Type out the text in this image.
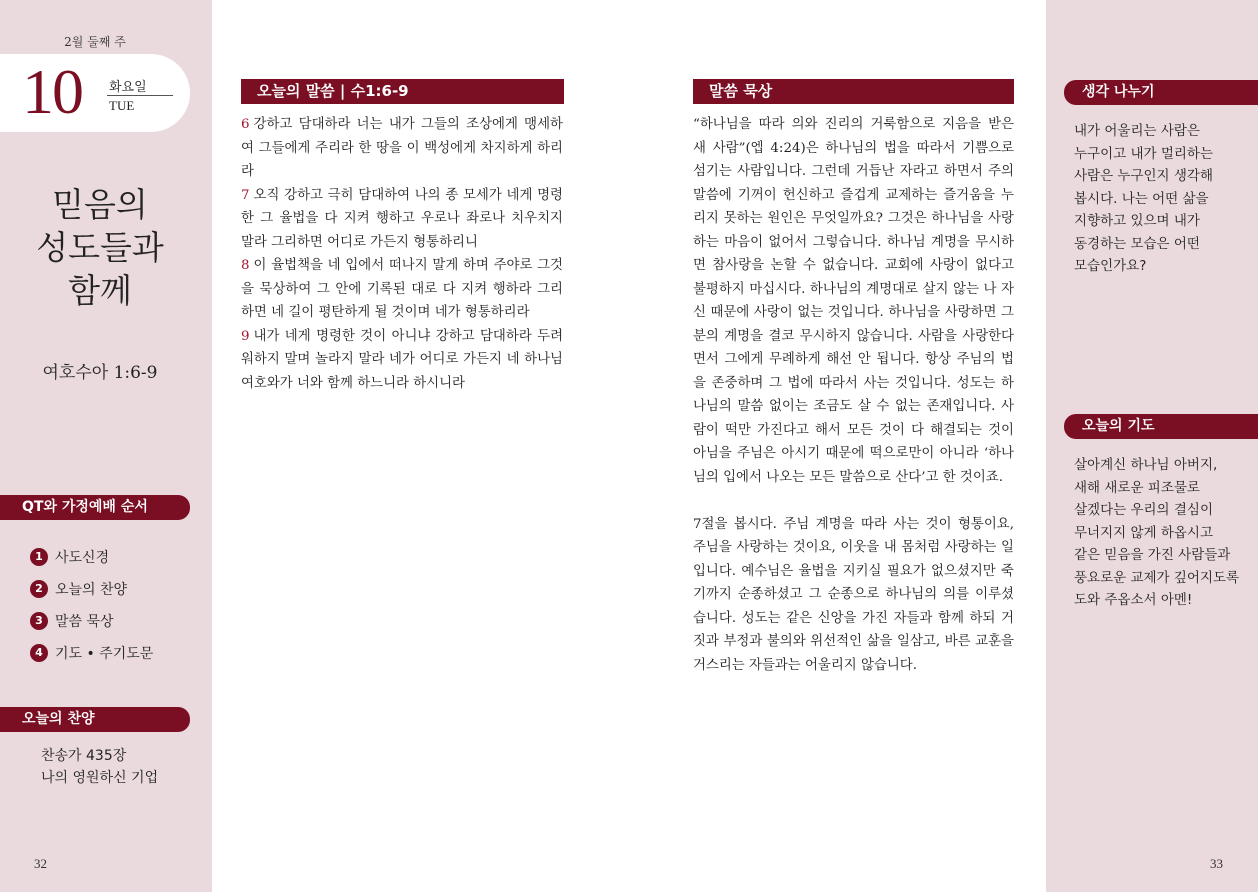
2월 둘째 주
10 화요일
TUE
믿음의
성도들과
함께
여호수아 1:6-9
QT와 가정예배 순서
1 사도신경
2 오늘의 찬양
3 말씀 묵상
4 기도 • 주기도문
오늘의 찬양
찬송가 435장
나의 영원하신 기업
32
오늘의 말씀 | 수1:6-9

6 강하고 담대하라 너는 내가 그들의 조상에게 맹세하여 그들에게 주리라 한 땅을 이 백성에게 차지하게 하리라

7 오직 강하고 극히 담대하여 나의 종 모세가 네게 명령한 그 율법을 다 지켜 행하고 우로나 좌로나 치우치지 말라 그리하면 어디로 가든지 형통하리니

8 이 율법책을 네 입에서 떠나지 말게 하며 주야로 그것을 묵상하여 그 안에 기록된 대로 다 지켜 행하라 그리하면 네 길이 평탄하게 될 것이며 네가 형통하리라

9 내가 네게 명령한 것이 아니냐 강하고 담대하라 두려워하지 말며 놀라지 말라 네가 어디로 가든지 네 하나님 여호와가 너와 함께 하느니라 하시니라

말씀 묵상

“하나님을 따라 의와 진리의 거룩함으로 지음을 받은 새 사람”(엡 4:24)은 하나님의 법을 따라서 기쁨으로 섬기는 사람입니다. 그런데 거듭난 자라고 하면서 주의 말씀에 기꺼이 헌신하고 즐겁게 교제하는 즐거움을 누리지 못하는 원인은 무엇일까요? 그것은 하나님을 사랑하는 마음이 없어서 그렇습니다. 하나님 계명을 무시하면 참사랑을 논할 수 없습니다. 교회에 사랑이 없다고 불평하지 마십시다. 하나님의 계명대로 살지 않는 나 자신 때문에 사랑이 없는 것입니다. 하나님을 사랑하면 그분의 계명을 결코 무시하지 않습니다. 사람을 사랑한다면서 그에게 무례하게 해선 안 됩니다. 항상 주님의 법을 존중하며 그 법에 따라서 사는 것입니다. 성도는 하나님의 말씀 없이는 조금도 살 수 없는 존재입니다. 사람이 떡만 가진다고 해서 모든 것이 다 해결되는 것이 아님을 주님은 아시기 때문에 떡으로만이 아니라 ‘하나님의 입에서 나오는 모든 말씀으로 산다’고 한 것이죠.

7절을 봅시다. 주님 계명을 따라 사는 것이 형통이요, 주님을 사랑하는 것이요, 이웃을 내 몸처럼 사랑하는 일입니다. 예수님은 율법을 지키실 필요가 없으셨지만 죽기까지 순종하셨고 그 순종으로 하나님의 의를 이루셨습니다. 성도는 같은 신앙을 가진 자들과 함께 하되 거짓과 부정과 불의와 위선적인 삶을 일삼고, 바른 교훈을 거스리는 자들과는 어울리지 않습니다.

생각 나누기
내가 어울리는 사람은
누구이고 내가 멀리하는
사람은 누구인지 생각해
봅시다. 나는 어떤 삶을
지향하고 있으며 내가
동경하는 모습은 어떤
모습인가요?
오늘의 기도
살아계신 하나님 아버지,
새해 새로운 피조물로
살겠다는 우리의 결심이
무너지지 않게 하옵시고
같은 믿음을 가진 사람들과
풍요로운 교제가 깊어지도록
도와 주옵소서 아멘!
33
